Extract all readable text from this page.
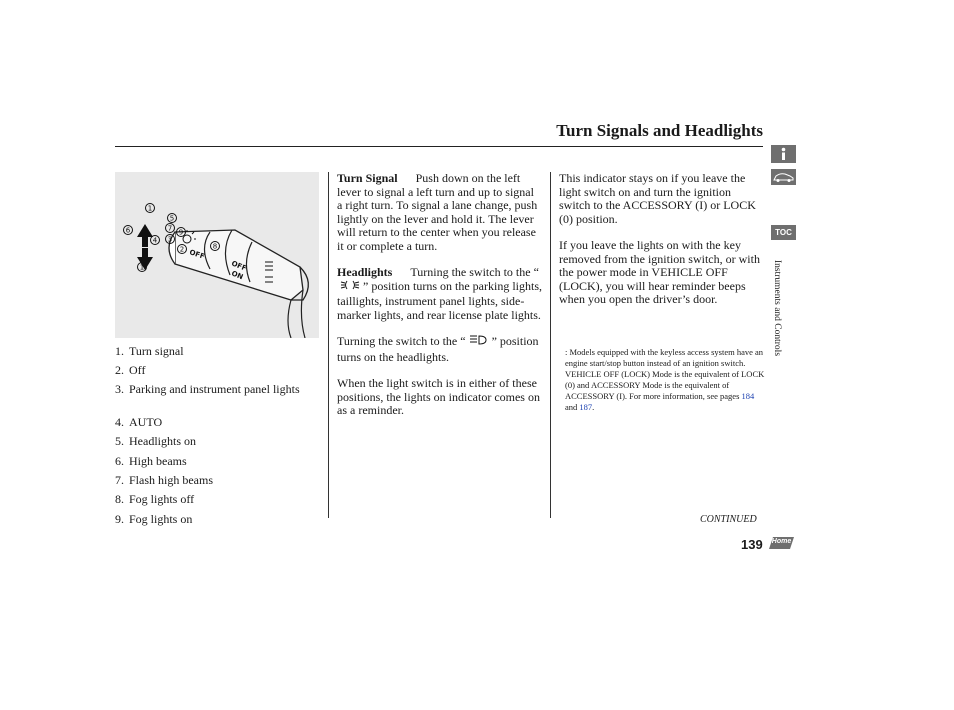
Turn Signals and Headlights
1
1
3
5
6	7
8
9
2
4
OFF
OFF
ON
1. Turn signal
2. Off
3. Parking and instrument panel lights
4. AUTO
5. Headlights on
6. High beams
7. Flash high beams
8. Fog lights off
9. Fog lights on

Turn Signal Push down on the left lever to signal a left turn and up to signal a right turn. To signal a lane change, push lightly on the lever and hold it. The lever will return to the center when you release it or complete a turn.

Headlights Turning the switch to the “” position turns on the parking lights, taillights, instrument panel lights, side-marker lights, and rear license plate lights.

Turning the switch to the “ ” position turns on the headlights.

When the light switch is in either of these positions, the lights on indicator comes on as a reminder.

This indicator stays on if you leave the light switch on and turn the ignition switch to the ACCESSORY (I) or LOCK (0) position.

If you leave the lights on with the key removed from the ignition switch, or with the power mode in VEHICLE OFF (LOCK), you will hear reminder beeps when you open the driver’s door.

: Models equipped with the keyless access system have an engine start/stop button instead of an ignition switch. VEHICLE OFF (LOCK) Mode is the equivalent of LOCK (0) and ACCESSORY Mode is the equivalent of ACCESSORY (I). For more information, see pages 184 and 187.
CONTINUED
139	Home
TOC
Instruments and Controls
